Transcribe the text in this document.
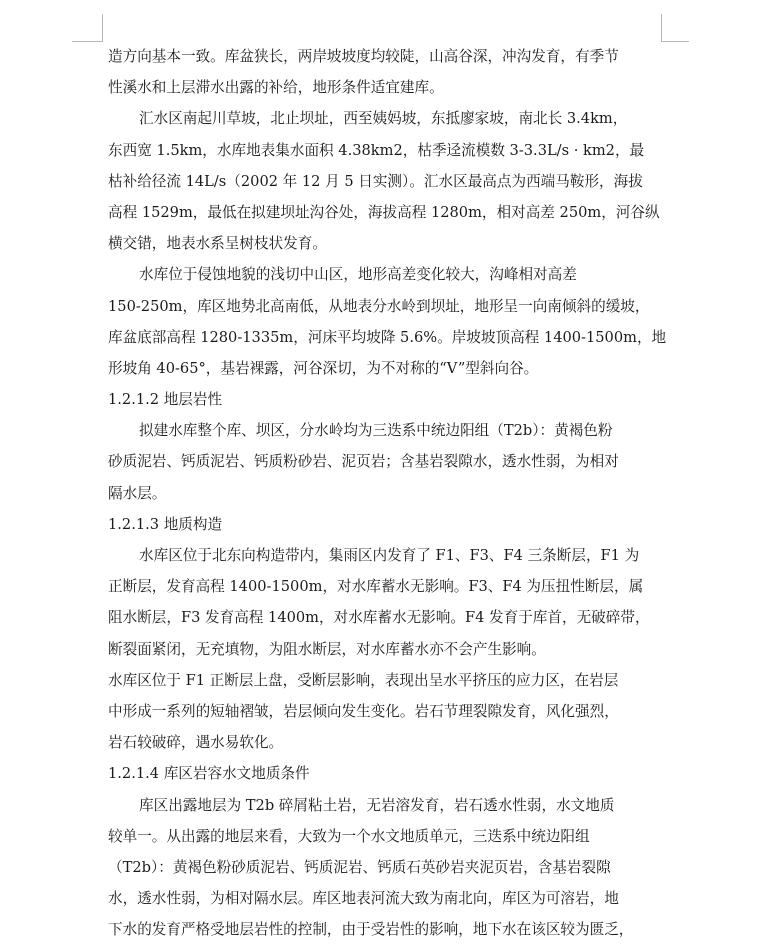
造方向基本一致。库盆狭长，两岸坡坡度均较陡，山高谷深，冲沟发育，有季节
性溪水和上层滞水出露的补给，地形条件适宜建库。
汇水区南起川草坡，北止坝址，西至姨妈坡，东抵廖家坡，南北长 3.4km，
东西宽 1.5km，水库地表集水面积 4.38km2，枯季迳流模数 3-3.3L/s · km2，最
枯补给径流 14L/s（2002 年 12 月 5 日实测）。汇水区最高点为西端马鞍形，海拔
高程 1529m，最低在拟建坝址沟谷处，海拔高程 1280m，相对高差 250m，河谷纵
横交错，地表水系呈树枝状发育。
水库位于侵蚀地貌的浅切中山区，地形高差变化较大，沟峰相对高差
150-250m，库区地势北高南低，从地表分水岭到坝址，地形呈一向南倾斜的缓坡，
库盆底部高程 1280-1335m，河床平均坡降 5.6%。岸坡坡顶高程 1400-1500m，地
形坡角 40-65°，基岩裸露，河谷深切，为不对称的“V”型斜向谷。
1.2.1.2 地层岩性
拟建水库整个库、坝区，分水岭均为三迭系中统边阳组（T2b）：黄褐色粉
砂质泥岩、钙质泥岩、钙质粉砂岩、泥页岩；含基岩裂隙水，透水性弱，为相对
隔水层。
1.2.1.3 地质构造
水库区位于北东向构造带内，集雨区内发育了 F1、F3、F4 三条断层，F1 为
正断层，发育高程 1400-1500m，对水库蓄水无影响。F3、F4 为压扭性断层，属
阻水断层，F3 发育高程 1400m，对水库蓄水无影响。F4 发育于库首，无破碎带，
断裂面紧闭，无充填物，为阻水断层，对水库蓄水亦不会产生影响。
水库区位于 F1 正断层上盘，受断层影响，表现出呈水平挤压的应力区，在岩层
中形成一系列的短轴褶皱，岩层倾向发生变化。岩石节理裂隙发育，风化强烈，
岩石较破碎，遇水易软化。
1.2.1.4 库区岩容水文地质条件
库区出露地层为 T2b 碎屑粘土岩，无岩溶发育，岩石透水性弱，水文地质
较单一。从出露的地层来看，大致为一个水文地质单元，三迭系中统边阳组
（T2b）：黄褐色粉砂质泥岩、钙质泥岩、钙质石英砂岩夹泥页岩，含基岩裂隙
水，透水性弱，为相对隔水层。库区地表河流大致为南北向，库区为可溶岩，地
下水的发育严格受地层岩性的控制，由于受岩性的影响，地下水在该区较为匮乏，
